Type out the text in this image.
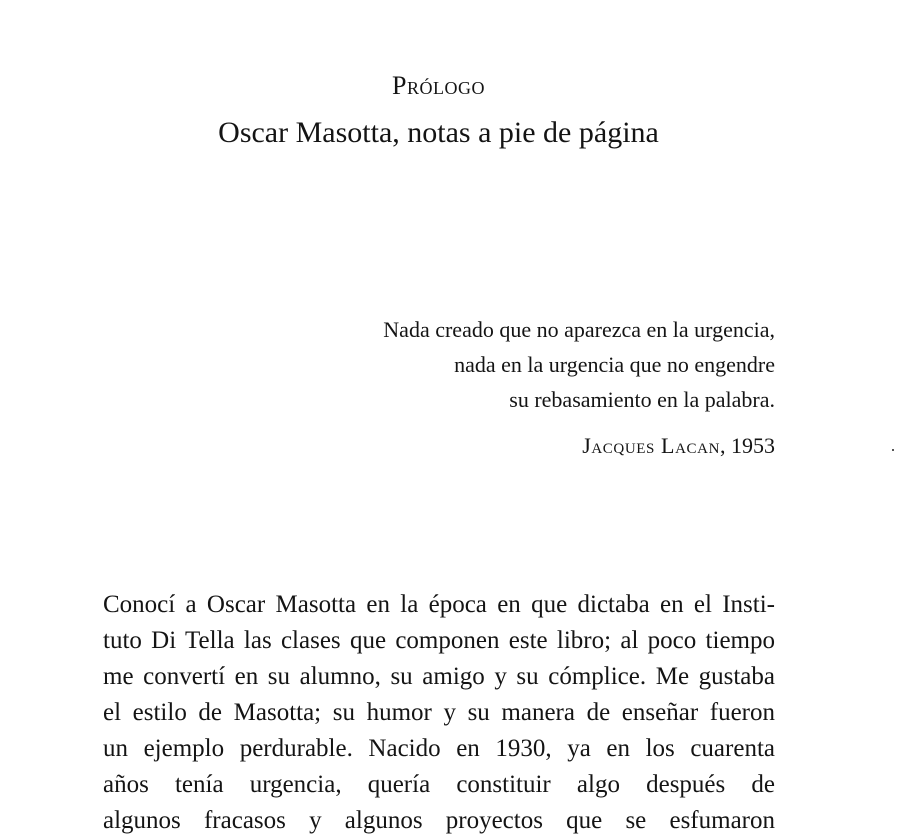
Prólogo
Oscar Masotta, notas a pie de página
Nada creado que no aparezca en la urgencia,
nada en la urgencia que no engendre
su rebasamiento en la palabra.
Jacques Lacan, 1953
Conocí a Oscar Masotta en la época en que dictaba en el Insti-
tuto Di Tella las clases que componen este libro; al poco tiempo
me convertí en su alumno, su amigo y su cómplice. Me gustaba
el estilo de Masotta; su humor y su manera de enseñar fueron
un ejemplo perdurable. Nacido en 1930, ya en los cuarenta
años tenía urgencia, quería constituir algo después de
algunos fracasos y algunos proyectos que se esfumaron
